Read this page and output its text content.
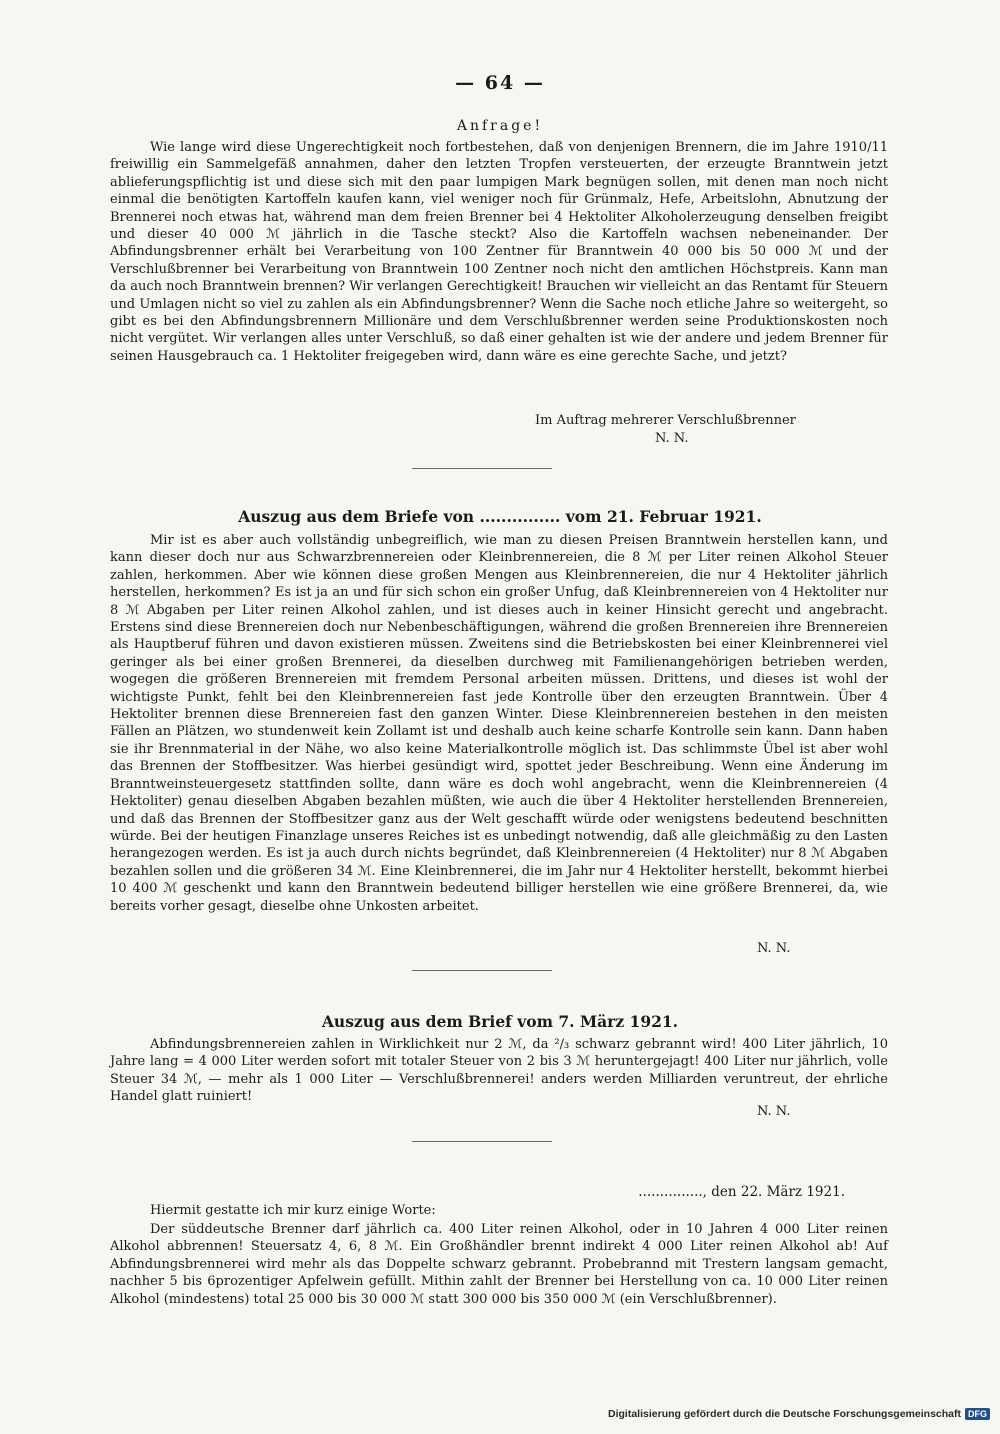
— 64 —
Anfrage!

Wie lange wird diese Ungerechtigkeit noch fortbestehen, daß von denjenigen Brennern, die im Jahre 1910/11 freiwillig ein Sammelgefäß annahmen, daher den letzten Tropfen versteuerten, der erzeugte Branntwein jetzt ablieferungspflichtig ist und diese sich mit den paar lumpigen Mark begnügen sollen, mit denen man noch nicht einmal die benötigten Kartoffeln kaufen kann, viel weniger noch für Grünmalz, Hefe, Arbeitslohn, Abnutzung der Brennerei noch etwas hat, während man dem freien Brenner bei 4 Hektoliter Alkoholerzeugung denselben freigibt und dieser 40 000 ℳ jährlich in die Tasche steckt? Also die Kartoffeln wachsen nebeneinander. Der Abfindungsbrenner erhält bei Verarbeitung von 100 Zentner für Branntwein 40 000 bis 50 000 ℳ und der Verschlußbrenner bei Verarbeitung von Branntwein 100 Zentner noch nicht den amtlichen Höchstpreis. Kann man da auch noch Branntwein brennen? Wir verlangen Gerechtigkeit! Brauchen wir vielleicht an das Rentamt für Steuern und Umlagen nicht so viel zu zahlen als ein Abfindungsbrenner? Wenn die Sache noch etliche Jahre so weitergeht, so gibt es bei den Abfindungsbrennern Millionäre und dem Verschlußbrenner werden seine Produktionskosten noch nicht vergütet. Wir verlangen alles unter Verschluß, so daß einer gehalten ist wie der andere und jedem Brenner für seinen Hausgebrauch ca. 1 Hektoliter freigegeben wird, dann wäre es eine gerechte Sache, und jetzt?

Im Auftrag mehrerer Verschlußbrenner
N. N.
Auszug aus dem Briefe von ............... vom 21. Februar 1921.

Mir ist es aber auch vollständig unbegreiflich, wie man zu diesen Preisen Branntwein herstellen kann, und kann dieser doch nur aus Schwarzbrennereien oder Kleinbrennereien, die 8 ℳ per Liter reinen Alkohol Steuer zahlen, herkommen. Aber wie können diese großen Mengen aus Kleinbrennereien, die nur 4 Hektoliter jährlich herstellen, herkommen? Es ist ja an und für sich schon ein großer Unfug, daß Kleinbrennereien von 4 Hektoliter nur 8 ℳ Abgaben per Liter reinen Alkohol zahlen, und ist dieses auch in keiner Hinsicht gerecht und angebracht. Erstens sind diese Brennereien doch nur Nebenbeschäftigungen, während die großen Brennereien ihre Brennereien als Hauptberuf führen und davon existieren müssen. Zweitens sind die Betriebskosten bei einer Kleinbrennerei viel geringer als bei einer großen Brennerei, da dieselben durchweg mit Familienangehörigen betrieben werden, wogegen die größeren Brennereien mit fremdem Personal arbeiten müssen. Drittens, und dieses ist wohl der wichtigste Punkt, fehlt bei den Kleinbrennereien fast jede Kontrolle über den erzeugten Branntwein. Über 4 Hektoliter brennen diese Brennereien fast den ganzen Winter. Diese Kleinbrennereien bestehen in den meisten Fällen an Plätzen, wo stundenweit kein Zollamt ist und deshalb auch keine scharfe Kontrolle sein kann. Dann haben sie ihr Brennmaterial in der Nähe, wo also keine Materialkontrolle möglich ist. Das schlimmste Übel ist aber wohl das Brennen der Stoffbesitzer. Was hierbei gesündigt wird, spottet jeder Beschreibung. Wenn eine Änderung im Branntweinsteuergesetz stattfinden sollte, dann wäre es doch wohl angebracht, wenn die Kleinbrennereien (4 Hektoliter) genau dieselben Abgaben bezahlen müßten, wie auch die über 4 Hektoliter herstellenden Brennereien, und daß das Brennen der Stoffbesitzer ganz aus der Welt geschafft würde oder wenigstens bedeutend beschnitten würde. Bei der heutigen Finanzlage unseres Reiches ist es unbedingt notwendig, daß alle gleichmäßig zu den Lasten herangezogen werden. Es ist ja auch durch nichts begründet, daß Kleinbrennereien (4 Hektoliter) nur 8 ℳ Abgaben bezahlen sollen und die größeren 34 ℳ. Eine Kleinbrennerei, die im Jahr nur 4 Hektoliter herstellt, bekommt hierbei 10 400 ℳ geschenkt und kann den Branntwein bedeutend billiger herstellen wie eine größere Brennerei, da, wie bereits vorher gesagt, dieselbe ohne Unkosten arbeitet.

N. N.
Auszug aus dem Brief vom 7. März 1921.

Abfindungsbrennereien zahlen in Wirklichkeit nur 2 ℳ, da ²/₃ schwarz gebrannt wird! 400 Liter jährlich, 10 Jahre lang = 4 000 Liter werden sofort mit totaler Steuer von 2 bis 3 ℳ heruntergejagt! 400 Liter nur jährlich, volle Steuer 34 ℳ, — mehr als 1 000 Liter — Verschlußbrennerei! anders werden Milliarden veruntreut, der ehrliche Handel glatt ruiniert!

N. N.
..............., den 22. März 1921.

Hiermit gestatte ich mir kurz einige Worte:

Der süddeutsche Brenner darf jährlich ca. 400 Liter reinen Alkohol, oder in 10 Jahren 4 000 Liter reinen Alkohol abbrennen! Steuersatz 4, 6, 8 ℳ. Ein Großhändler brennt indirekt 4 000 Liter reinen Alkohol ab! Auf Abfindungsbrennerei wird mehr als das Doppelte schwarz gebrannt. Probebrannd mit Trestern langsam gemacht, nachher 5 bis 6prozentiger Apfelwein gefüllt. Mithin zahlt der Brenner bei Herstellung von ca. 10 000 Liter reinen Alkohol (mindestens) total 25 000 bis 30 000 ℳ statt 300 000 bis 350 000 ℳ (ein Verschlußbrenner).

Digitalisierung gefördert durch die Deutsche Forschungsgemeinschaft DFG
